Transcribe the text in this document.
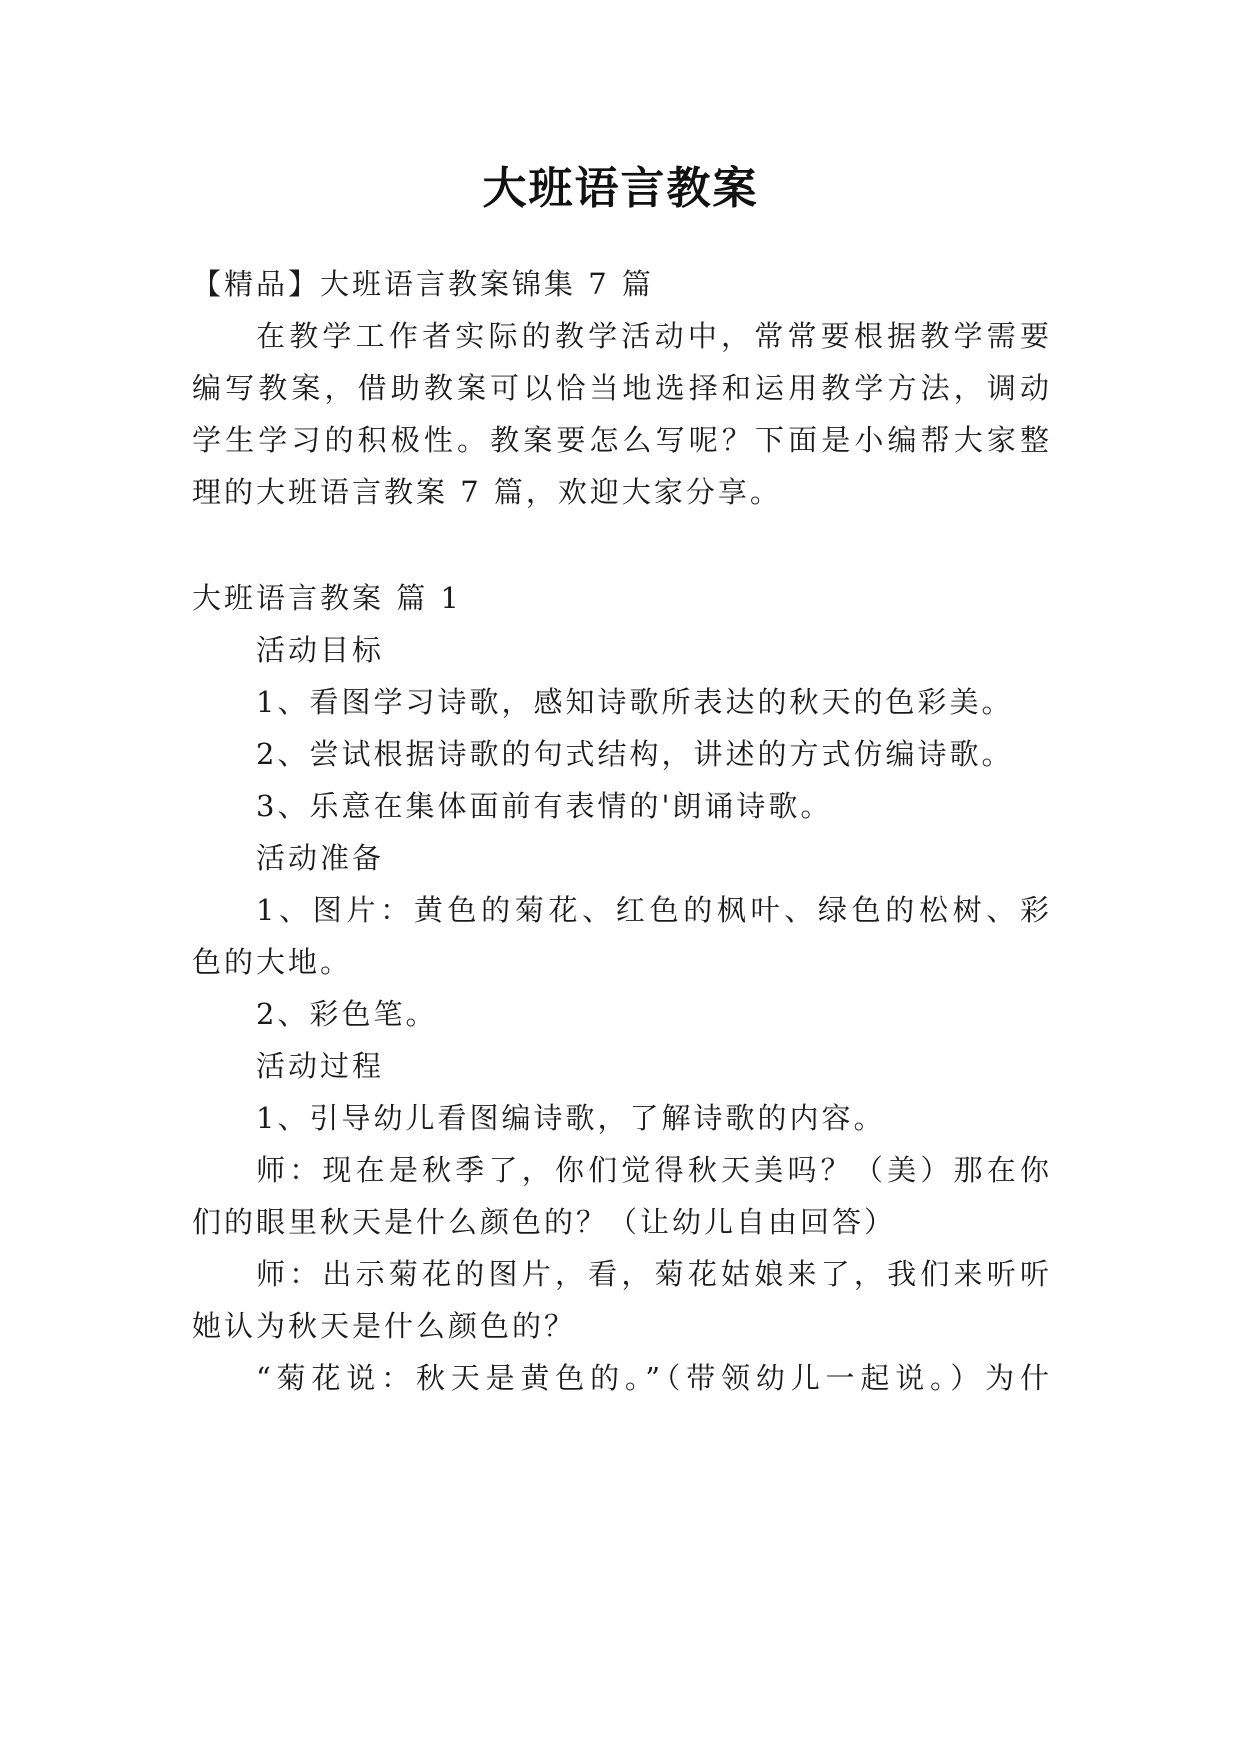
大班语言教案
【精品】大班语言教案锦集 7 篇
在教学工作者实际的教学活动中，常常要根据教学需要
编写教案，借助教案可以恰当地选择和运用教学方法，调动
学生学习的积极性。教案要怎么写呢？下面是小编帮大家整
理的大班语言教案 7 篇，欢迎大家分享。
大班语言教案 篇 1
活动目标
1、看图学习诗歌，感知诗歌所表达的秋天的色彩美。
2、尝试根据诗歌的句式结构，讲述的方式仿编诗歌。
3、乐意在集体面前有表情的'朗诵诗歌。
活动准备
1、图片：黄色的菊花、红色的枫叶、绿色的松树、彩
色的大地。
2、彩色笔。
活动过程
1、引导幼儿看图编诗歌，了解诗歌的内容。
师：现在是秋季了，你们觉得秋天美吗？（美）那在你
们的眼里秋天是什么颜色的？（让幼儿自由回答）
师：出示菊花的图片，看，菊花姑娘来了，我们来听听
她认为秋天是什么颜色的？
“菊花说：秋天是黄色的。”（带领幼儿一起说。）为什
